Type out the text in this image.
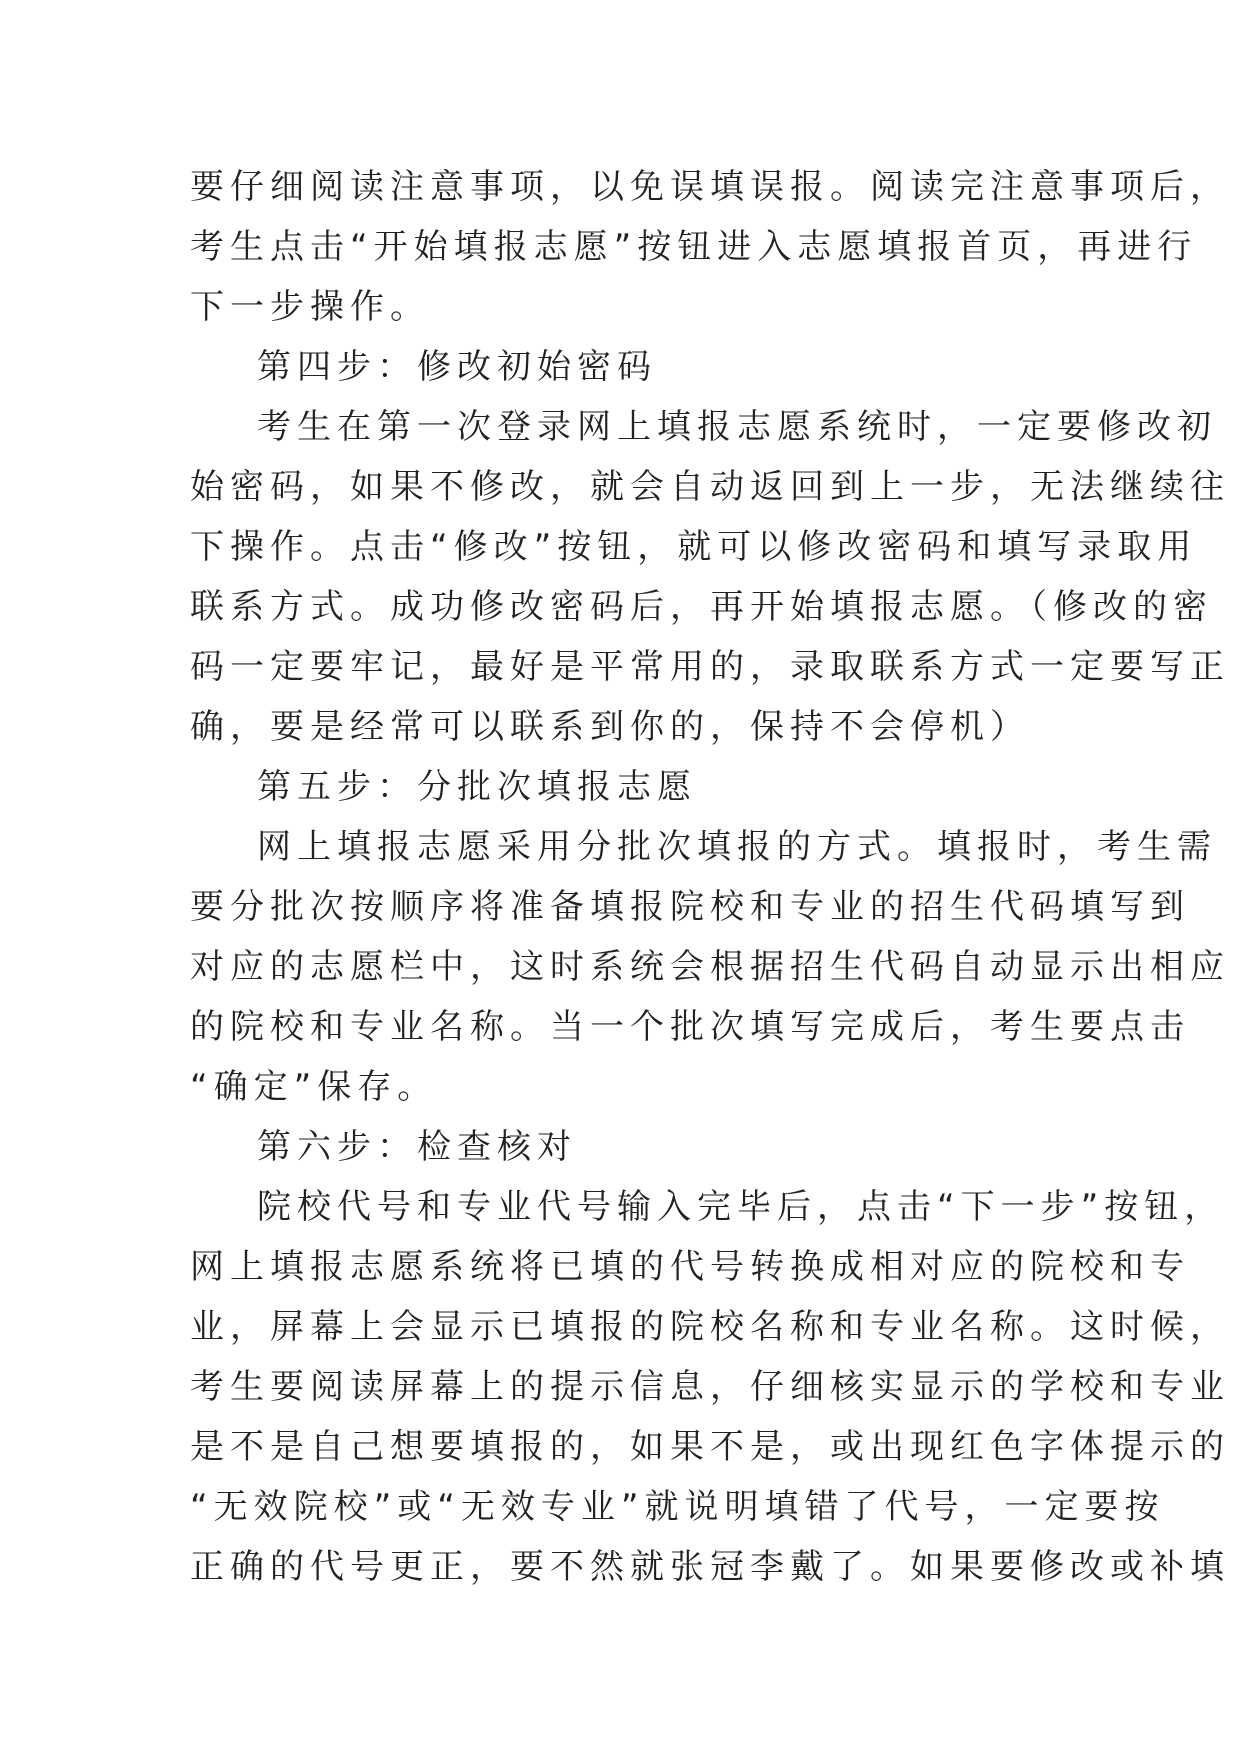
要仔细阅读注意事项，以免误填误报。阅读完注意事项后，
考生点击“开始填报志愿”按钮进入志愿填报首页，再进行
下一步操作。
第四步：修改初始密码
考生在第一次登录网上填报志愿系统时，一定要修改初
始密码，如果不修改，就会自动返回到上一步，无法继续往
下操作。点击“修改”按钮，就可以修改密码和填写录取用
联系方式。成功修改密码后，再开始填报志愿。（修改的密
码一定要牢记，最好是平常用的，录取联系方式一定要写正
确，要是经常可以联系到你的，保持不会停机）
第五步：分批次填报志愿
网上填报志愿采用分批次填报的方式。填报时，考生需
要分批次按顺序将准备填报院校和专业的招生代码填写到
对应的志愿栏中，这时系统会根据招生代码自动显示出相应
的院校和专业名称。当一个批次填写完成后，考生要点击
“确定”保存。
第六步：检查核对
院校代号和专业代号输入完毕后，点击“下一步”按钮，
网上填报志愿系统将已填的代号转换成相对应的院校和专
业，屏幕上会显示已填报的院校名称和专业名称。这时候，
考生要阅读屏幕上的提示信息，仔细核实显示的学校和专业
是不是自己想要填报的，如果不是，或出现红色字体提示的
“无效院校”或“无效专业”就说明填错了代号，一定要按
正确的代号更正，要不然就张冠李戴了。如果要修改或补填
